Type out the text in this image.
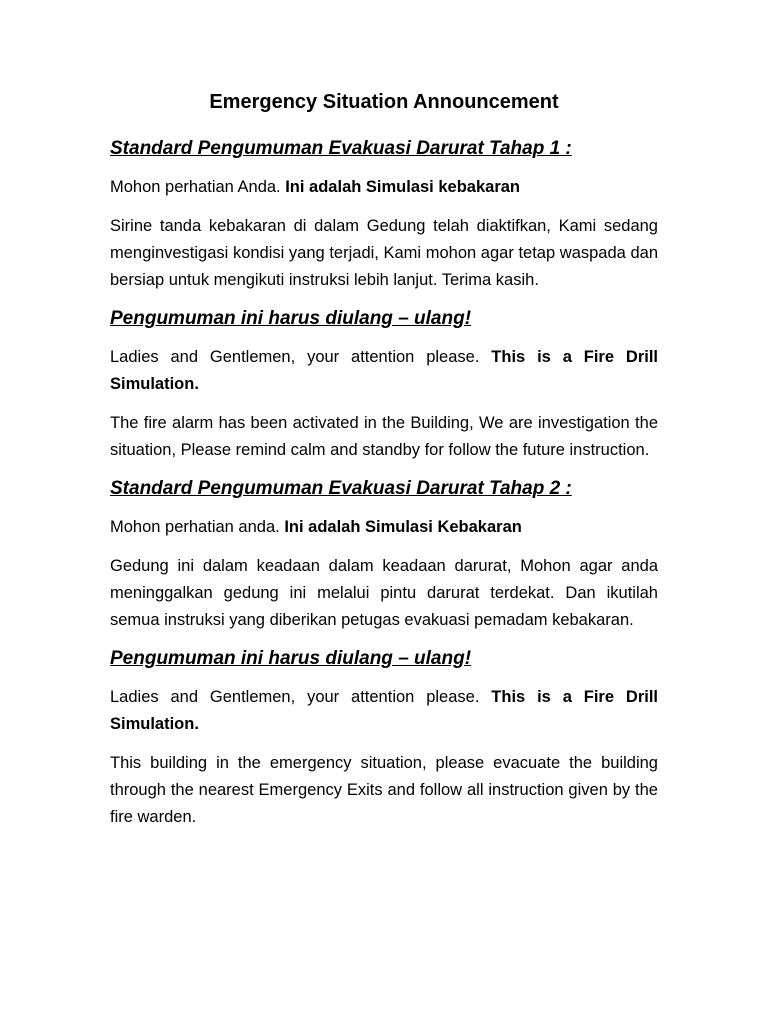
Emergency Situation Announcement
Standard Pengumuman Evakuasi Darurat Tahap 1 :
Mohon perhatian Anda. Ini adalah Simulasi kebakaran
Sirine tanda kebakaran di dalam Gedung telah diaktifkan, Kami sedang menginvestigasi kondisi yang terjadi, Kami mohon agar tetap waspada dan bersiap untuk mengikuti instruksi lebih lanjut. Terima kasih.
Pengumuman ini harus diulang – ulang!
Ladies and Gentlemen, your attention please. This is a Fire Drill Simulation.
The fire alarm has been activated in the Building, We are investigation the situation, Please remind calm and standby for follow the future instruction.
Standard Pengumuman Evakuasi Darurat Tahap 2 :
Mohon perhatian anda. Ini adalah Simulasi Kebakaran
Gedung ini dalam keadaan dalam keadaan darurat, Mohon agar anda meninggalkan gedung ini melalui pintu darurat terdekat. Dan ikutilah semua instruksi yang diberikan petugas evakuasi pemadam kebakaran.
Pengumuman ini harus diulang – ulang!
Ladies and Gentlemen, your attention please. This is a Fire Drill Simulation.
This building in the emergency situation, please evacuate the building through the nearest Emergency Exits and follow all instruction given by the fire warden.
